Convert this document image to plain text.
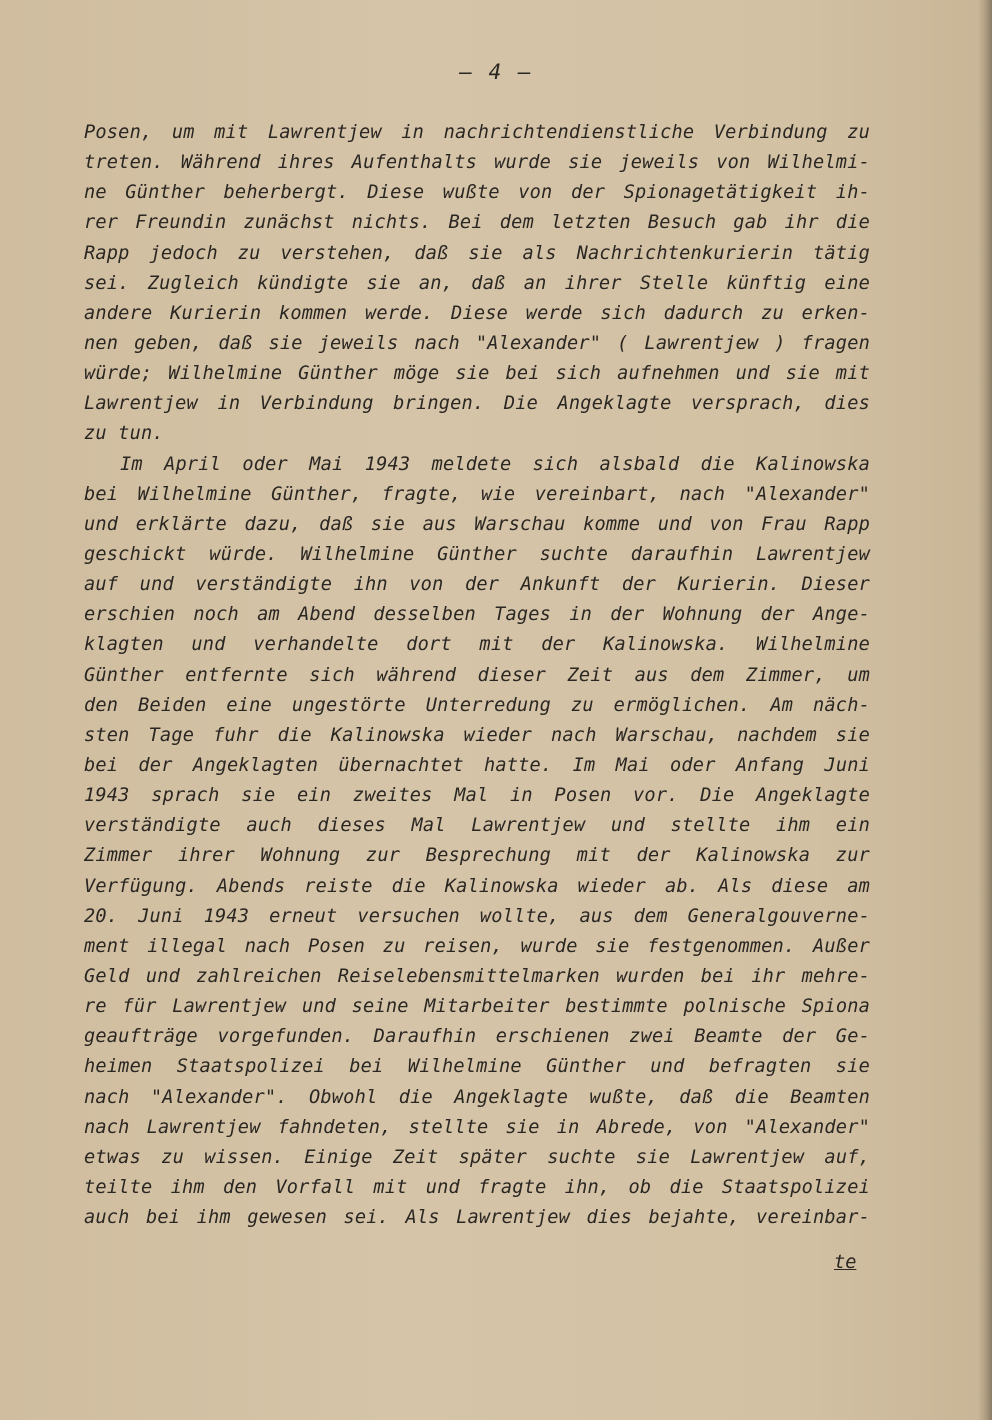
– 4 –
Posen, um mit Lawrentjew in nachrichtendienstliche Verbindung zu
treten. Während ihres Aufenthalts wurde sie jeweils von Wilhelmi-
ne Günther beherbergt. Diese wußte von der Spionagetätigkeit ih-
rer Freundin zunächst nichts. Bei dem letzten Besuch gab ihr die
Rapp jedoch zu verstehen, daß sie als Nachrichtenkurierin tätig
sei. Zugleich kündigte sie an, daß an ihrer Stelle künftig eine
andere Kurierin kommen werde. Diese werde sich dadurch zu erken-
nen geben, daß sie jeweils nach "Alexander" ( Lawrentjew ) fragen
würde; Wilhelmine Günther möge sie bei sich aufnehmen und sie mit
Lawrentjew in Verbindung bringen. Die Angeklagte versprach, dies
zu tun.
Im April oder Mai 1943 meldete sich alsbald die Kalinowska
bei Wilhelmine Günther, fragte, wie vereinbart, nach "Alexander"
und erklärte dazu, daß sie aus Warschau komme und von Frau Rapp
geschickt würde. Wilhelmine Günther suchte daraufhin Lawrentjew
auf und verständigte ihn von der Ankunft der Kurierin. Dieser
erschien noch am Abend desselben Tages in der Wohnung der Ange-
klagten und verhandelte dort mit der Kalinowska. Wilhelmine
Günther entfernte sich während dieser Zeit aus dem Zimmer, um
den Beiden eine ungestörte Unterredung zu ermöglichen. Am näch-
sten Tage fuhr die Kalinowska wieder nach Warschau, nachdem sie
bei der Angeklagten übernachtet hatte. Im Mai oder Anfang Juni
1943 sprach sie ein zweites Mal in Posen vor. Die Angeklagte
verständigte auch dieses Mal Lawrentjew und stellte ihm ein
Zimmer ihrer Wohnung zur Besprechung mit der Kalinowska zur
Verfügung. Abends reiste die Kalinowska wieder ab. Als diese am
20. Juni 1943 erneut versuchen wollte, aus dem Generalgouverne-
ment illegal nach Posen zu reisen, wurde sie festgenommen. Außer
Geld und zahlreichen Reiselebensmittelmarken wurden bei ihr mehre-
re für Lawrentjew und seine Mitarbeiter bestimmte polnische Spiona
geaufträge vorgefunden. Daraufhin erschienen zwei Beamte der Ge-
heimen Staatspolizei bei Wilhelmine Günther und befragten sie
nach "Alexander". Obwohl die Angeklagte wußte, daß die Beamten
nach Lawrentjew fahndeten, stellte sie in Abrede, von "Alexander"
etwas zu wissen. Einige Zeit später suchte sie Lawrentjew auf,
teilte ihm den Vorfall mit und fragte ihn, ob die Staatspolizei
auch bei ihm gewesen sei. Als Lawrentjew dies bejahte, vereinbar-
te
